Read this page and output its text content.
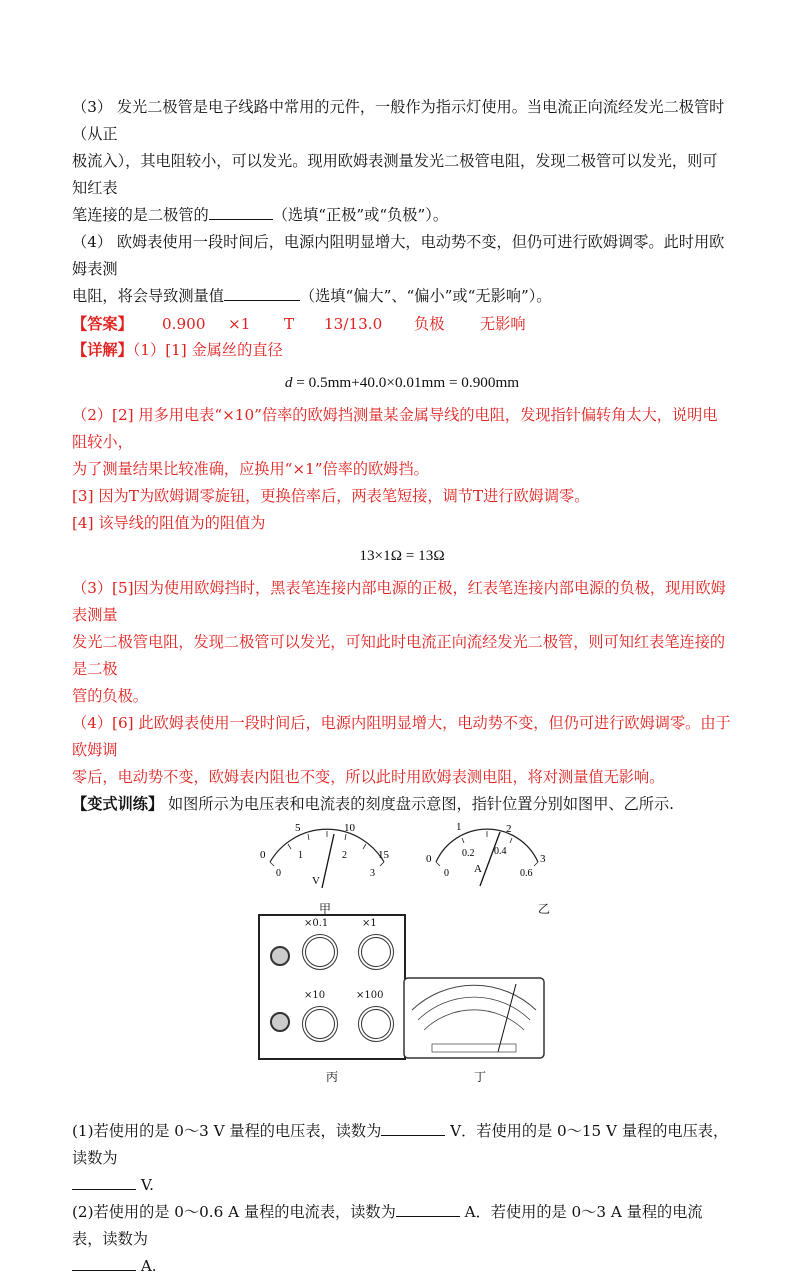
（3） 发光二极管是电子线路中常用的元件，一般作为指示灯使用。当电流正向流经发光二极管时（从正

极流入），其电阻较小，可以发光。现用欧姆表测量发光二极管电阻，发现二极管可以发光，则可知红表

笔连接的是二极管的	（选填“正极”或“负极”）。

（4） 欧姆表使用一段时间后，电源内阻明显增大，电动势不变，但仍可进行欧姆调零。此时用欧姆表测

电阻，将会导致测量值	（选填“偏大”、“偏小”或“无影响”）。

【答案】	0.900	×1	T	13/13.0	负极	无影响

【详解】（1）[1] 金属丝的直径

d = 0.5mm+40.0×0.01mm = 0.900mm

（2）[2] 用多用电表“×10”倍率的欧姆挡测量某金属导线的电阻，发现指针偏转角太大，说明电阻较小，

为了测量结果比较准确，应换用“×1”倍率的欧姆挡。

[3] 因为T为欧姆调零旋钮，更换倍率后，两表笔短接，调节T进行欧姆调零。

[4] 该导线的阻值为的阻值为

13×1Ω = 13Ω

（3）[5]因为使用欧姆挡时，黑表笔连接内部电源的正极，红表笔连接内部电源的负极，现用欧姆表测量

发光二极管电阻，发现二极管可以发光，可知此时电流正向流经发光二极管，则可知红表笔连接的是二极

管的负极。

（4）[6] 此欧姆表使用一段时间后，电源内阻明显增大，电动势不变，但仍可进行欧姆调零。由于欧姆调

零后，电动势不变，欧姆表内阻也不变，所以此时用欧姆表测电阻，将对测量值无影响。

【变式训练】 如图所示为电压表和电流表的刻度盘示意图，指针位置分别如图甲、乙所示.

0
5	10
15
0
1	2
3
V
甲
0
1	2
3
0
0.2 0.4
0.6
A
乙
×0.1	×1
×10	×100
丙	丁

(1)若使用的是 0～3 V 量程的电压表，读数为	V．若使用的是 0～15 V 量程的电压表，读数为

V.

(2)若使用的是 0～0.6 A 量程的电流表，读数为	A．若使用的是 0～3 A 量程的电流表，读数为

A.
